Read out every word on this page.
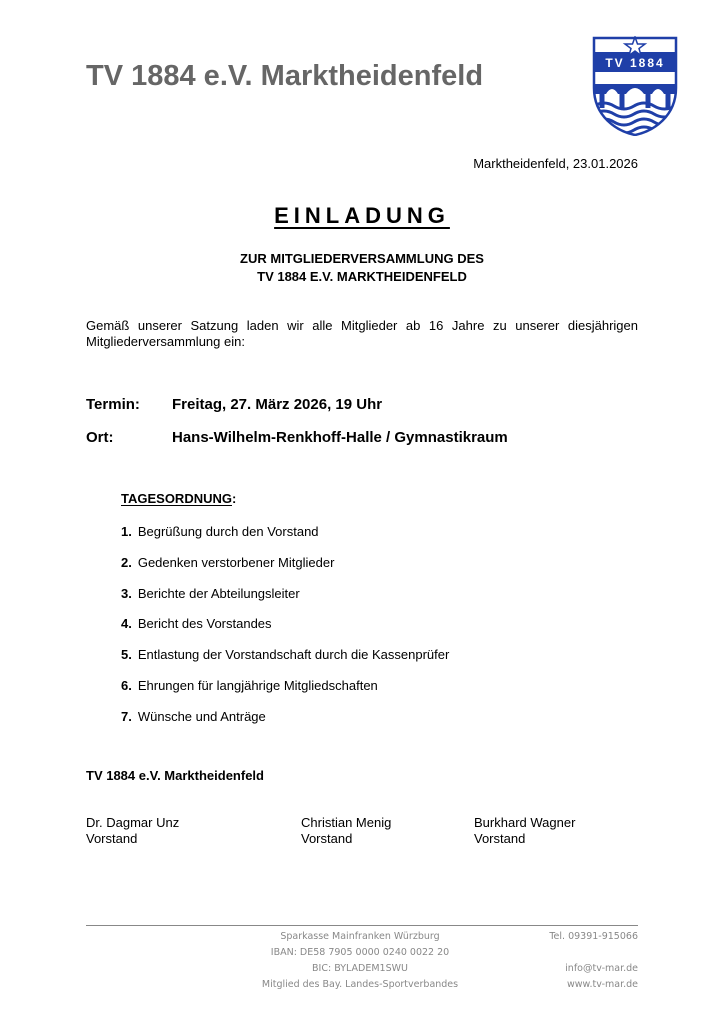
TV 1884 e.V. Marktheidenfeld	TV 1884
Marktheidenfeld, 23.01.2026
EINLADUNG
ZUR MITGLIEDERVERSAMMLUNG DES
TV 1884 E.V. MARKTHEIDENFELD
Gemäß unserer Satzung laden wir alle Mitglieder ab 16 Jahre zu unserer diesjährigen
Mitgliederversammlung ein:
Termin: Freitag, 27. März 2026, 19 Uhr
Ort:	Hans-Wilhelm-Renkhoff-Halle / Gymnastikraum
TAGESORDNUNG:
1. Begrüßung durch den Vorstand
2. Gedenken verstorbener Mitglieder
3. Berichte der Abteilungsleiter
4. Bericht des Vorstandes
5. Entlastung der Vorstandschaft durch die Kassenprüfer
6. Ehrungen für langjährige Mitgliedschaften
7. Wünsche und Anträge
TV 1884 e.V. Marktheidenfeld
Dr. Dagmar Unz
Vorstand
Christian Menig
Vorstand
Burkhard Wagner
Vorstand
Sparkasse Mainfranken Würzburg
IBAN: DE58 7905 0000 0240 0022 20
BIC: BYLADEM1SWU
Mitglied des Bay. Landes-Sportverbandes
Tel. 09391-915066

info@tv-mar.de
www.tv-mar.de
